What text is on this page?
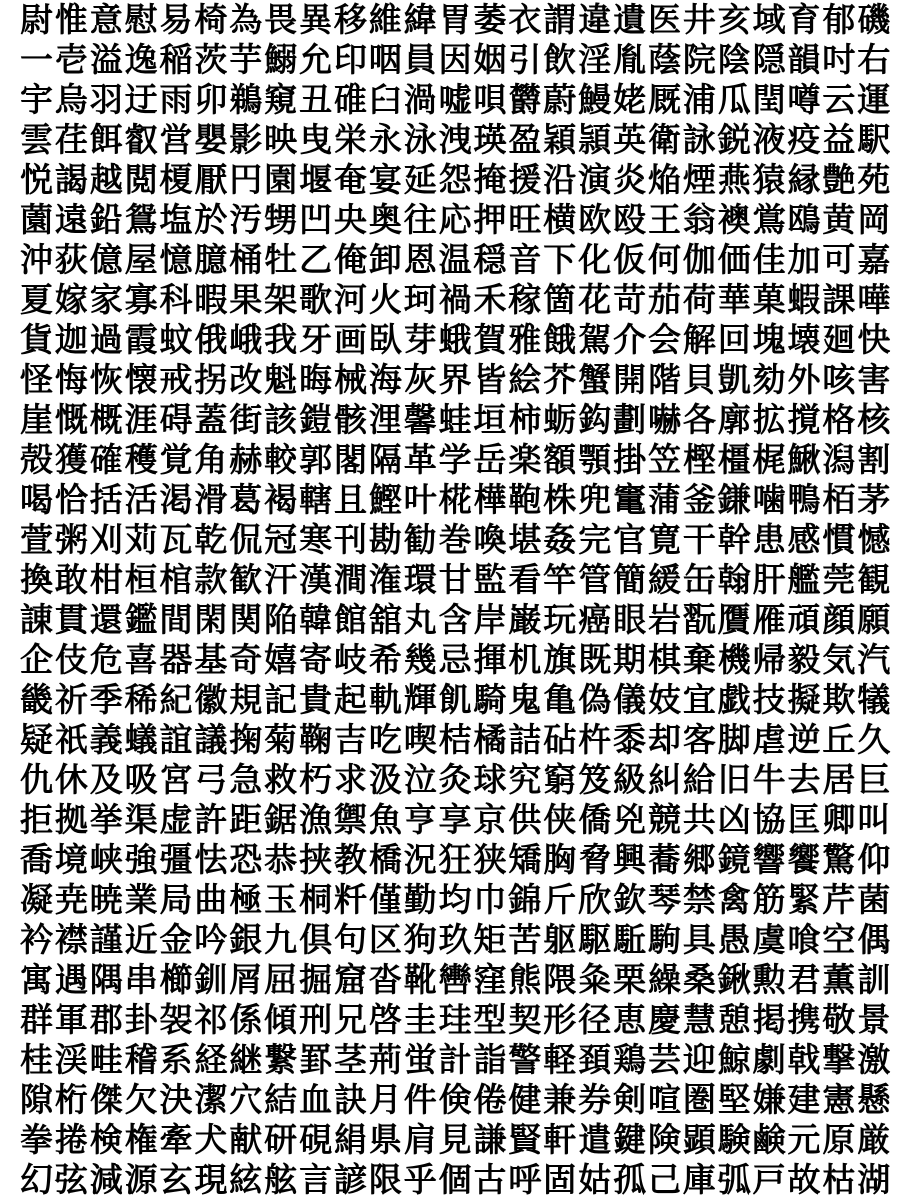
尉 惟 意 慰 易 椅 為 畏 異 移 維 緯 胃 萎 衣 謂 違 遺 医 井 亥 域 育 郁 磯
一 壱 溢 逸 稲 茨 芋 鰯 允 印 咽 員 因 姻 引 飲 淫 胤 蔭 院 陰 隠 韻 吋 右
宇 烏 羽 迂 雨 卯 鵜 窺 丑 碓 臼 渦 嘘 唄 欝 蔚 鰻 姥 厩 浦 瓜 閏 噂 云 運
雲 荏 餌 叡 営 嬰 影 映 曳 栄 永 泳 洩 瑛 盈 穎 頴 英 衛 詠 鋭 液 疫 益 駅
悦 謁 越 閲 榎 厭 円 園 堰 奄 宴 延 怨 掩 援 沿 演 炎 焔 煙 燕 猿 縁 艶 苑
薗 遠 鉛 鴛 塩 於 汚 甥 凹 央 奥 往 応 押 旺 横 欧 殴 王 翁 襖 鴬 鴎 黄 岡
沖 荻 億 屋 憶 臆 桶 牡 乙 俺 卸 恩 温 穏 音 下 化 仮 何 伽 価 佳 加 可 嘉
夏 嫁 家 寡 科 暇 果 架 歌 河 火 珂 禍 禾 稼 箇 花 苛 茄 荷 華 菓 蝦 課 嘩
貨 迦 過 霞 蚊 俄 峨 我 牙 画 臥 芽 蛾 賀 雅 餓 駕 介 会 解 回 塊 壊 廻 快
怪 悔 恢 懐 戒 拐 改 魁 晦 械 海 灰 界 皆 絵 芥 蟹 開 階 貝 凱 劾 外 咳 害
崖 慨 概 涯 碍 蓋 街 該 鎧 骸 浬 馨 蛙 垣 柿 蛎 鈎 劃 嚇 各 廓 拡 撹 格 核
殻 獲 確 穫 覚 角 赫 較 郭 閣 隔 革 学 岳 楽 額 顎 掛 笠 樫 橿 梶 鰍 潟 割
喝 恰 括 活 渇 滑 葛 褐 轄 且 鰹 叶 椛 樺 鞄 株 兜 竃 蒲 釜 鎌 噛 鴨 栢 茅
萱 粥 刈 苅 瓦 乾 侃 冠 寒 刊 勘 勧 巻 喚 堪 姦 完 官 寛 干 幹 患 感 慣 憾
換 敢 柑 桓 棺 款 歓 汗 漢 澗 潅 環 甘 監 看 竿 管 簡 緩 缶 翰 肝 艦 莞 観
諌 貫 還 鑑 間 閑 関 陥 韓 館 舘 丸 含 岸 巌 玩 癌 眼 岩 翫 贋 雁 頑 顔 願
企 伎 危 喜 器 基 奇 嬉 寄 岐 希 幾 忌 揮 机 旗 既 期 棋 棄 機 帰 毅 気 汽
畿 祈 季 稀 紀 徽 規 記 貴 起 軌 輝 飢 騎 鬼 亀 偽 儀 妓 宜 戯 技 擬 欺 犠
疑 祇 義 蟻 誼 議 掬 菊 鞠 吉 吃 喫 桔 橘 詰 砧 杵 黍 却 客 脚 虐 逆 丘 久
仇 休 及 吸 宮 弓 急 救 朽 求 汲 泣 灸 球 究 窮 笈 級 糾 給 旧 牛 去 居 巨
拒 拠 挙 渠 虚 許 距 鋸 漁 禦 魚 亨 享 京 供 侠 僑 兇 競 共 凶 協 匡 卿 叫
喬 境 峡 強 彊 怯 恐 恭 挟 教 橋 況 狂 狭 矯 胸 脅 興 蕎 郷 鏡 響 饗 驚 仰
凝 尭 暁 業 局 曲 極 玉 桐 粁 僅 勤 均 巾 錦 斤 欣 欽 琴 禁 禽 筋 緊 芹 菌
衿 襟 謹 近 金 吟 銀 九 倶 句 区 狗 玖 矩 苦 躯 駆 駈 駒 具 愚 虞 喰 空 偶
寓 遇 隅 串 櫛 釧 屑 屈 掘 窟 沓 靴 轡 窪 熊 隈 粂 栗 繰 桑 鍬 勲 君 薫 訓
群 軍 郡 卦 袈 祁 係 傾 刑 兄 啓 圭 珪 型 契 形 径 恵 慶 慧 憩 掲 携 敬 景
桂 渓 畦 稽 系 経 継 繋 罫 茎 荊 蛍 計 詣 警 軽 頚 鶏 芸 迎 鯨 劇 戟 撃 激
隙 桁 傑 欠 決 潔 穴 結 血 訣 月 件 倹 倦 健 兼 券 剣 喧 圏 堅 嫌 建 憲 懸
拳 捲 検 権 牽 犬 献 研 硯 絹 県 肩 見 謙 賢 軒 遣 鍵 険 顕 験 鹸 元 原 厳
幻 弦 減 源 玄 現 絃 舷 言 諺 限 乎 個 古 呼 固 姑 孤 己 庫 弧 戸 故 枯 湖
